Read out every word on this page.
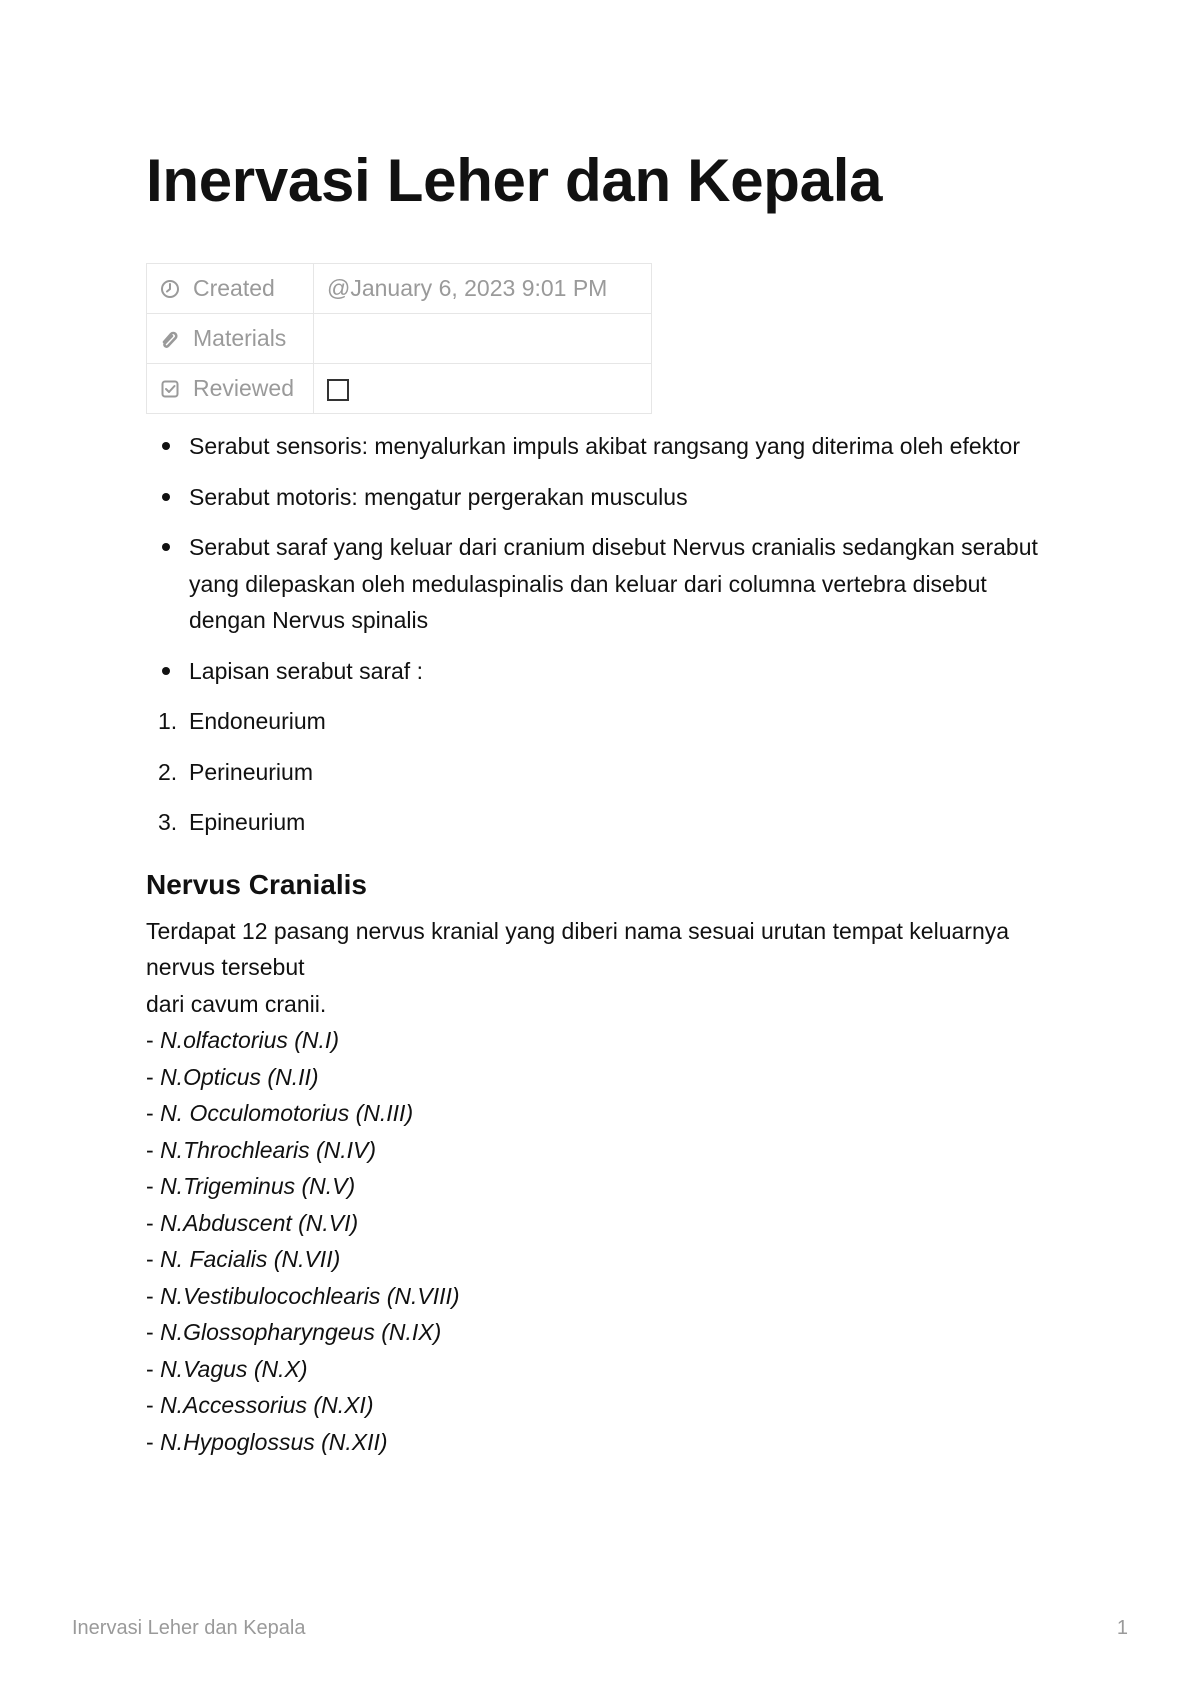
Inervasi Leher dan Kepala
Created	@January 6, 2023 9:01 PM

Materials	

Reviewed	

Serabut sensoris: menyalurkan impuls akibat rangsang yang diterima oleh efektor
Serabut motoris: mengatur pergerakan musculus
Serabut saraf yang keluar dari cranium disebut Nervus cranialis sedangkan serabut yang dilepaskan oleh medulaspinalis dan keluar dari columna vertebra disebut dengan Nervus spinalis
Lapisan serabut saraf :
1. Endoneurium
2. Perineurium
3. Epineurium
Nervus Cranialis

Terdapat 12 pasang nervus kranial yang diberi nama sesuai urutan tempat keluarnya nervus tersebut

dari cavum cranii.

- N.olfactorius (N.I)
- N.Opticus (N.II)
- N. Occulomotorius (N.III)
- N.Throchlearis (N.IV)
- N.Trigeminus (N.V)
- N.Abduscent (N.VI)
- N. Facialis (N.VII)
- N.Vestibulocochlearis (N.VIII)
- N.Glossopharyngeus (N.IX)
- N.Vagus (N.X)
- N.Accessorius (N.XI)
- N.Hypoglossus (N.XII)
Inervasi Leher dan Kepala	1
